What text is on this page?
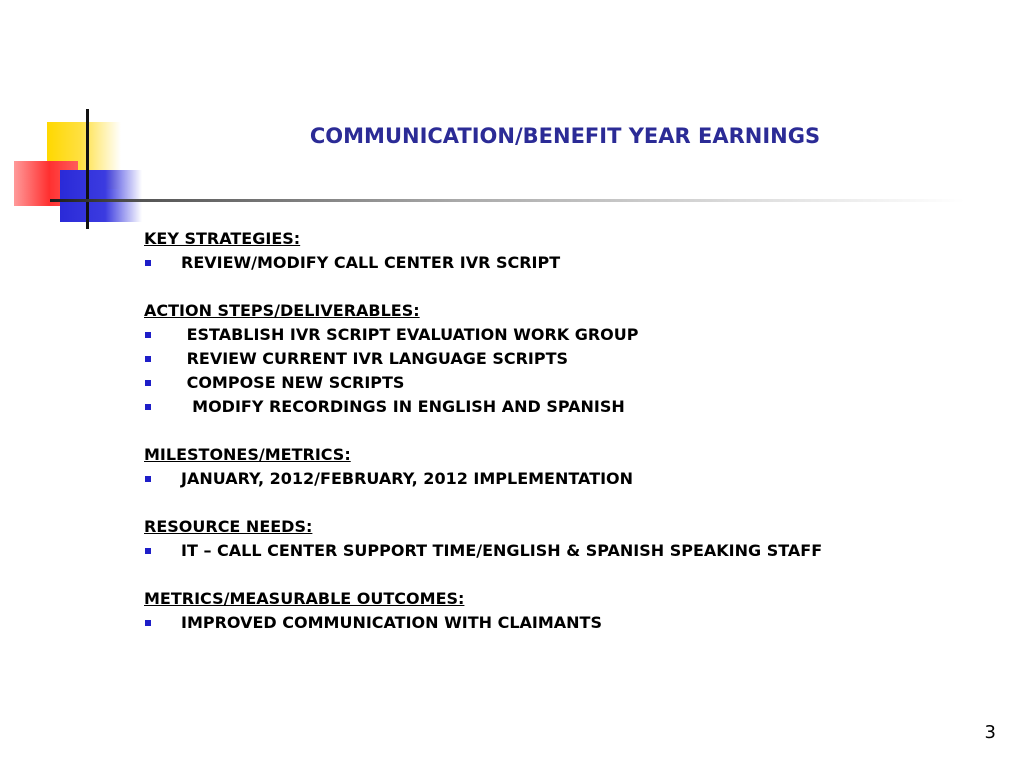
COMMUNICATION/BENEFIT YEAR EARNINGS
KEY STRATEGIES:
REVIEW/MODIFY CALL CENTER IVR SCRIPT
ACTION STEPS/DELIVERABLES:
ESTABLISH IVR SCRIPT EVALUATION WORK GROUP
REVIEW CURRENT IVR LANGUAGE SCRIPTS
COMPOSE NEW SCRIPTS
MODIFY RECORDINGS IN ENGLISH AND SPANISH
MILESTONES/METRICS:
JANUARY, 2012/FEBRUARY, 2012 IMPLEMENTATION
RESOURCE NEEDS:
IT – CALL CENTER SUPPORT TIME/ENGLISH & SPANISH SPEAKING STAFF
METRICS/MEASURABLE OUTCOMES:
IMPROVED COMMUNICATION WITH CLAIMANTS
3
